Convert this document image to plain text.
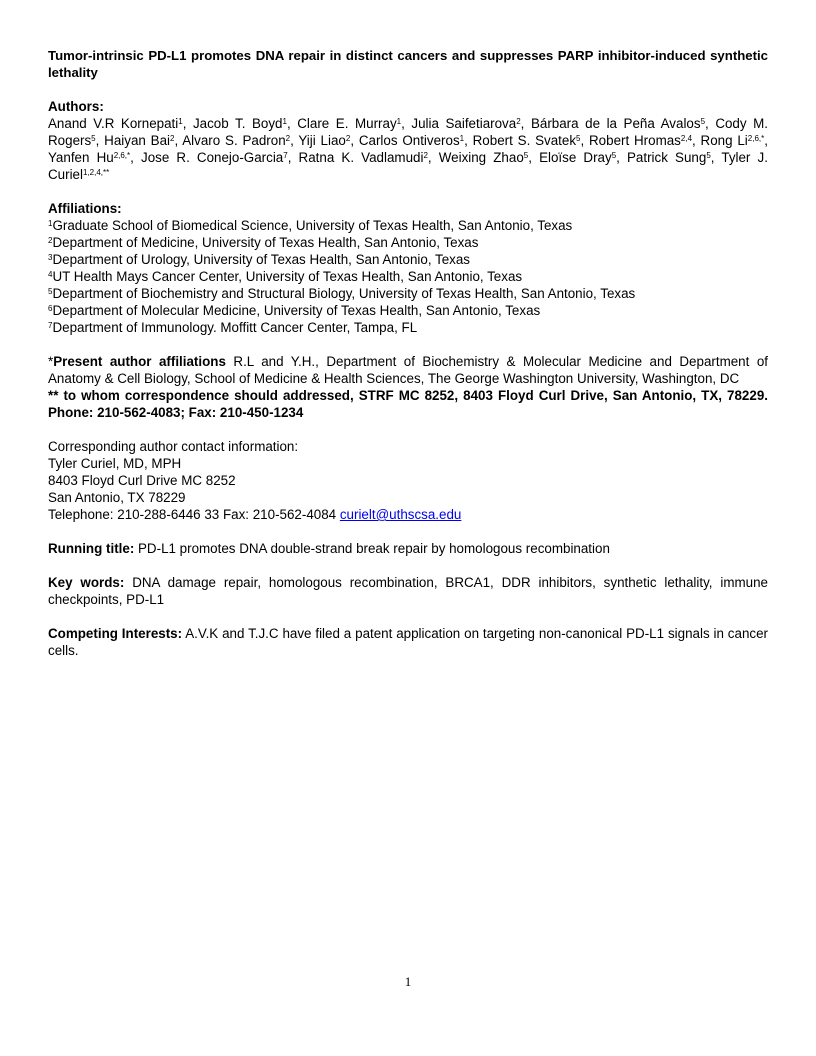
Tumor-intrinsic PD-L1 promotes DNA repair in distinct cancers and suppresses PARP inhibitor-induced synthetic lethality

Authors:
Anand V.R Kornepati$^1$, Jacob T. Boyd$^1$, Clare E. Murray$^1$, Julia Saifetiarova$^2$, Bárbara de la Peña Avalos$^5$, Cody M. Rogers$^5$, Haiyan Bai$^2$, Alvaro S. Padron$^2$, Yiji Liao$^2$, Carlos Ontiveros$^1$, Robert S. Svatek$^5$, Robert Hromas$^{2,4}$, Rong $Li^{2,6,*}$, Yanfen $Hu^{2,6,*}$, Jose R. Conejo-Garcia$^7$, Ratna K. Vadlamudi$^2$, Weixing Zhao$^5$, Eloïse Dray$^5$, Patrick Sung$^5$, Tyler J. Curiel$^{1,2,4,**}$
Affiliations:
$^1$Graduate School of Biomedical Science, University of Texas Health, San Antonio, Texas
$^2$Department of Medicine, University of Texas Health, San Antonio, Texas
$^3$Department of Urology, University of Texas Health, San Antonio, Texas
$^4$UT Health Mays Cancer Center, University of Texas Health, San Antonio, Texas
$^5$Department of Biochemistry and Structural Biology, University of Texas Health, San Antonio, Texas
$^6$Department of Molecular Medicine, University of Texas Health, San Antonio, Texas
$^7$Department of Immunology. Moffitt Cancer Center, Tampa, FL
*Present author affiliations R.L and Y.H., Department of Biochemistry & Molecular Medicine and Department of Anatomy & Cell Biology, School of Medicine & Health Sciences, The George Washington University, Washington, DC
** to whom correspondence should addressed, STRF MC 8252, 8403 Floyd Curl Drive, San Antonio, TX, 78229. Phone: 210-562-4083; Fax: 210-450-1234
Corresponding author contact information:
Tyler Curiel, MD, MPH
8403 Floyd Curl Drive MC 8252
San Antonio, TX 78229
Telephone: 210-288-6446 33 Fax: 210-562-4084 curielt@uthscsa.edu
Running title: PD-L1 promotes DNA double-strand break repair by homologous recombination
Key words: DNA damage repair, homologous recombination, BRCA1, DDR inhibitors, synthetic lethality, immune checkpoints, PD-L1
Competing Interests: A.V.K and T.J.C have filed a patent application on targeting non-canonical PD-L1 signals in cancer cells.
1
